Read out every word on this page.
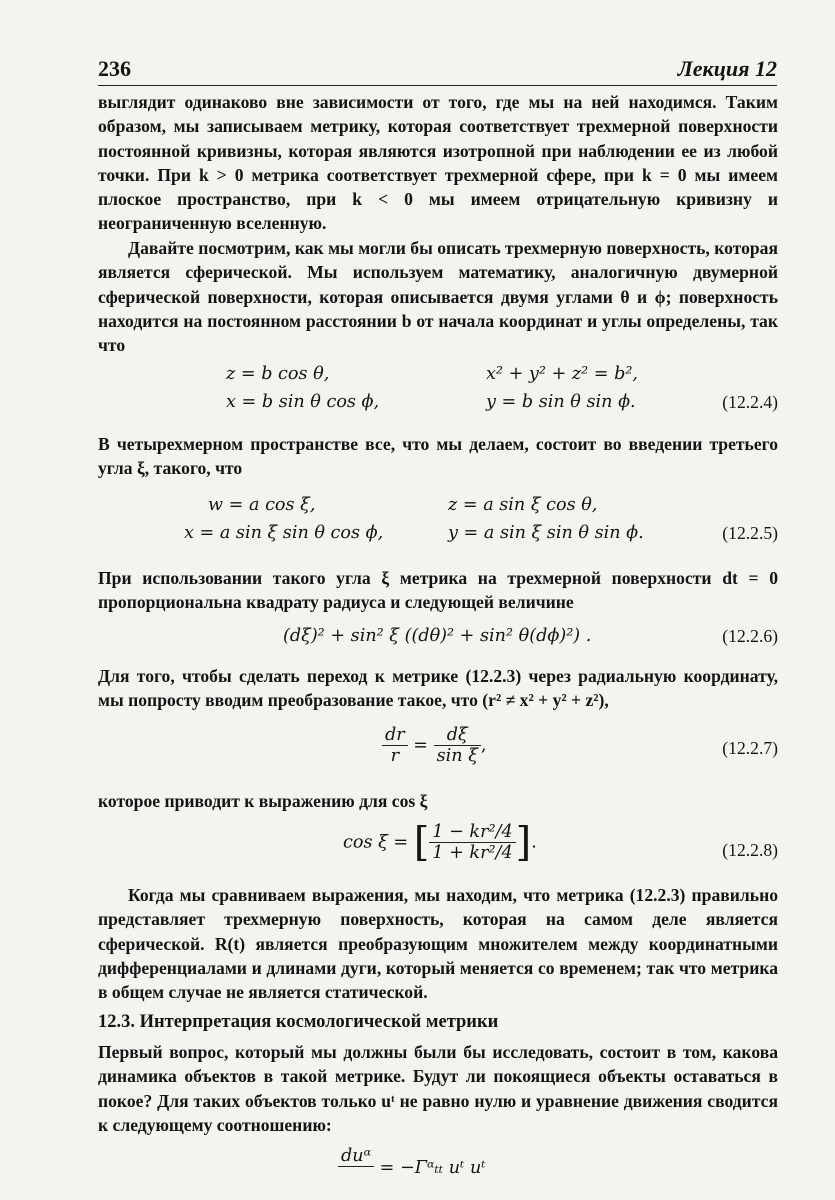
236	Лекция 12

выглядит одинаково вне зависимости от того, где мы на ней находимся. Таким образом, мы записываем метрику, которая соответствует трехмерной поверхности постоянной кривизны, которая являются изотропной при наблюдении ее из любой точки. При k > 0 метрика соответствует трехмерной сфере, при k = 0 мы имеем плоское пространство, при k < 0 мы имеем отрицательную кривизну и неограниченную вселенную.

Давайте посмотрим, как мы могли бы описать трехмерную поверхность, которая является сферической. Мы используем математику, аналогичную двумерной сферической поверхности, которая описывается двумя углами θ и ϕ; поверхность находится на постоянном расстоянии b от начала координат и углы определены, так что

z = b cos θ,	x² + y² + z² = b²,
x = b sin θ cos ϕ,	y = b sin θ sin ϕ.	(12.2.4)

В четырехмерном пространстве все, что мы делаем, состоит во введении третьего угла ξ, такого, что

w = a cos ξ,	z = a sin ξ cos θ,
x = a sin ξ sin θ cos ϕ,	y = a sin ξ sin θ sin ϕ.	(12.2.5)

При использовании такого угла ξ метрика на трехмерной поверхности dt = 0 пропорциональна квадрату радиуса и следующей величине

(dξ)² + sin² ξ ((dθ)² + sin² θ(dϕ)²) .	(12.2.6)

Для того, чтобы сделать переход к метрике (12.2.3) через радиальную координату, мы попросту вводим преобразование такое, что (r² ≠ x² + y² + z²),

$\frac{dr}{r} = \frac{d\xi}{\text{sin ξ}}$ ,	(12.2.7)

которое приводит к выражению для cos ξ

cos ξ = [ $\frac{\text{1 − kr²/4}}{\text{1 + kr²/4}}$ ].	(12.2.8)

Когда мы сравниваем выражения, мы находим, что метрика (12.2.3) правильно представляет трехмерную поверхность, которая на самом деле является сферической. R(t) является преобразующим множителем между координатными дифференциалами и длинами дуги, который меняется со временем; так что метрика в общем случае не является статической.

12.3. Интерпретация космологической метрики

Первый вопрос, который мы должны были бы исследовать, состоит в том, какова динамика объектов в такой метрике. Будут ли покоящиеся объекты оставаться в покое? Для таких объектов только uᵗ не равно нулю и уравнение движения сводится к следующему соотношению:

duᵅ = −Γᵅₜₜ uᵗ uᵗ
